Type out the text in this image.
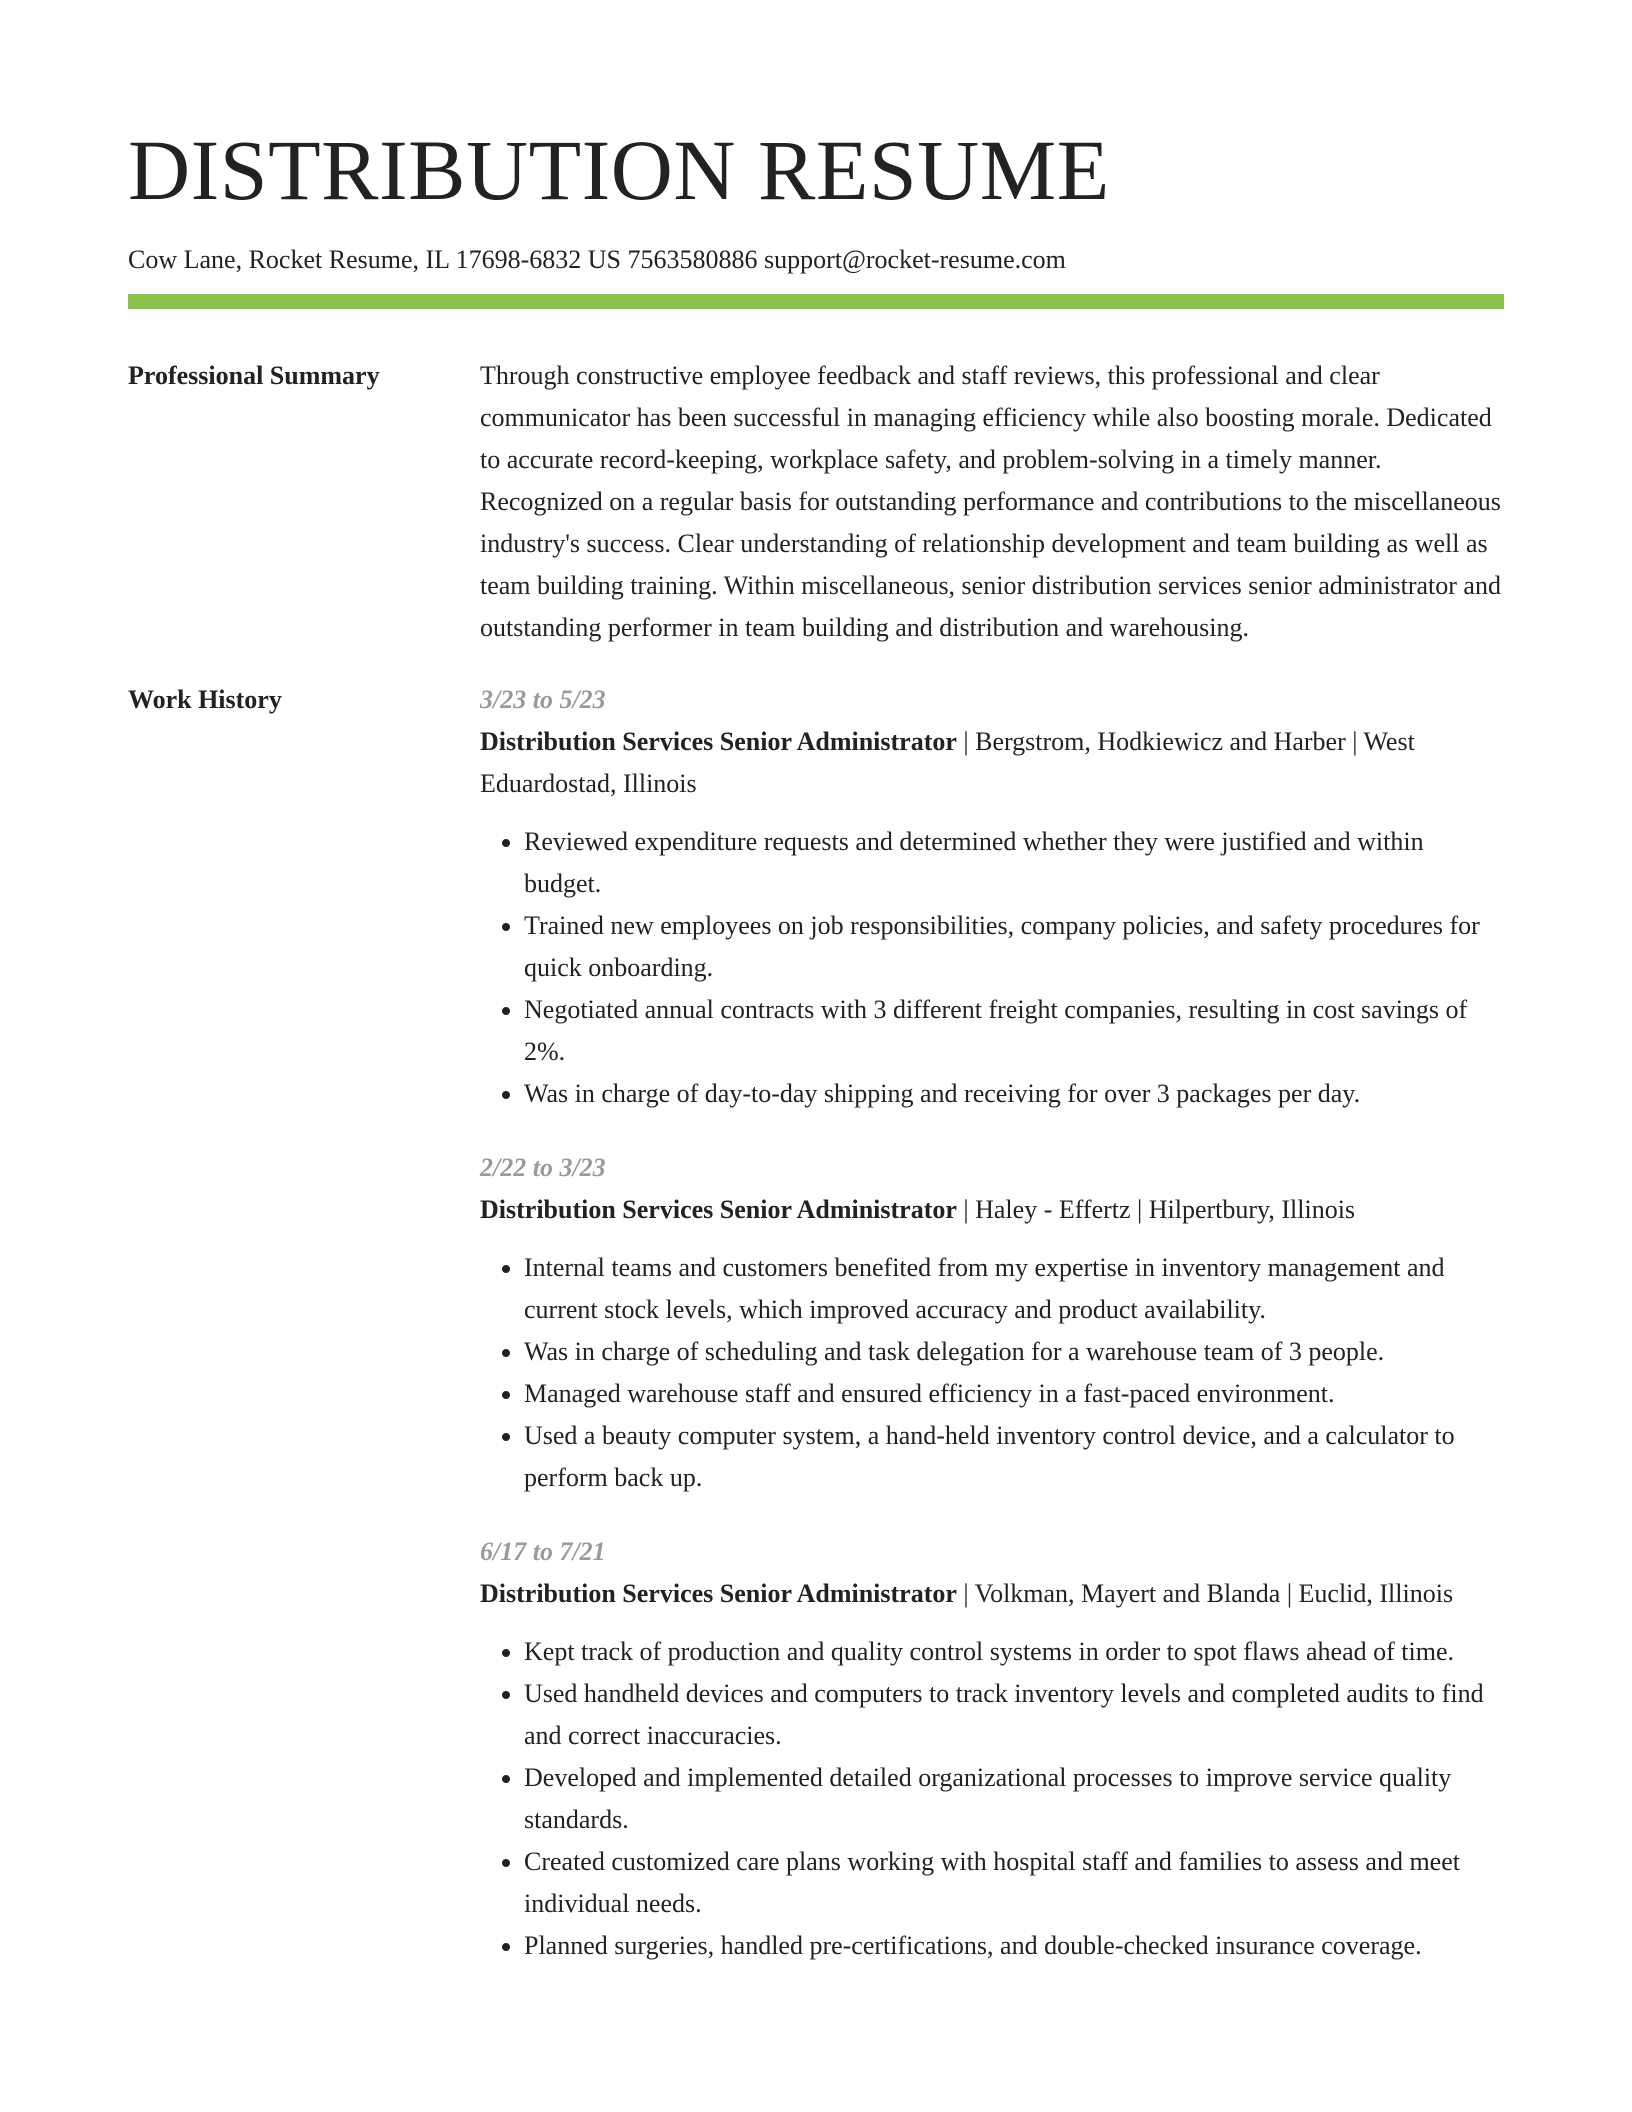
DISTRIBUTION RESUME
Cow Lane, Rocket Resume, IL 17698-6832 US 7563580886 support@rocket-resume.com
Professional Summary	Through constructive employee feedback and staff reviews, this professional and clear communicator has been successful in managing efficiency while also boosting morale. Dedicated to accurate record-keeping, workplace safety, and problem-solving in a timely manner. Recognized on a regular basis for outstanding performance and contributions to the miscellaneous industry's success. Clear understanding of relationship development and team building as well as team building training. Within miscellaneous, senior distribution services senior administrator and outstanding performer in team building and distribution and warehousing.

Work History	3/23 to 5/23
Distribution Services Senior Administrator | Bergstrom, Hodkiewicz and Harber | West Eduardostad, Illinois
• Reviewed expenditure requests and determined whether they were justified and within budget.
• Trained new employees on job responsibilities, company policies, and safety procedures for quick onboarding.
• Negotiated annual contracts with 3 different freight companies, resulting in cost savings of 2%.
• Was in charge of day-to-day shipping and receiving for over 3 packages per day.
2/22 to 3/23
Distribution Services Senior Administrator | Haley - Effertz | Hilpertbury, Illinois
• Internal teams and customers benefited from my expertise in inventory management and current stock levels, which improved accuracy and product availability.
• Was in charge of scheduling and task delegation for a warehouse team of 3 people.
• Managed warehouse staff and ensured efficiency in a fast-paced environment.
• Used a beauty computer system, a hand-held inventory control device, and a calculator to perform back up.
6/17 to 7/21
Distribution Services Senior Administrator | Volkman, Mayert and Blanda | Euclid, Illinois
• Kept track of production and quality control systems in order to spot flaws ahead of time.
• Used handheld devices and computers to track inventory levels and completed audits to find and correct inaccuracies.
• Developed and implemented detailed organizational processes to improve service quality standards.
• Created customized care plans working with hospital staff and families to assess and meet individual needs.
• Planned surgeries, handled pre-certifications, and double-checked insurance coverage.
